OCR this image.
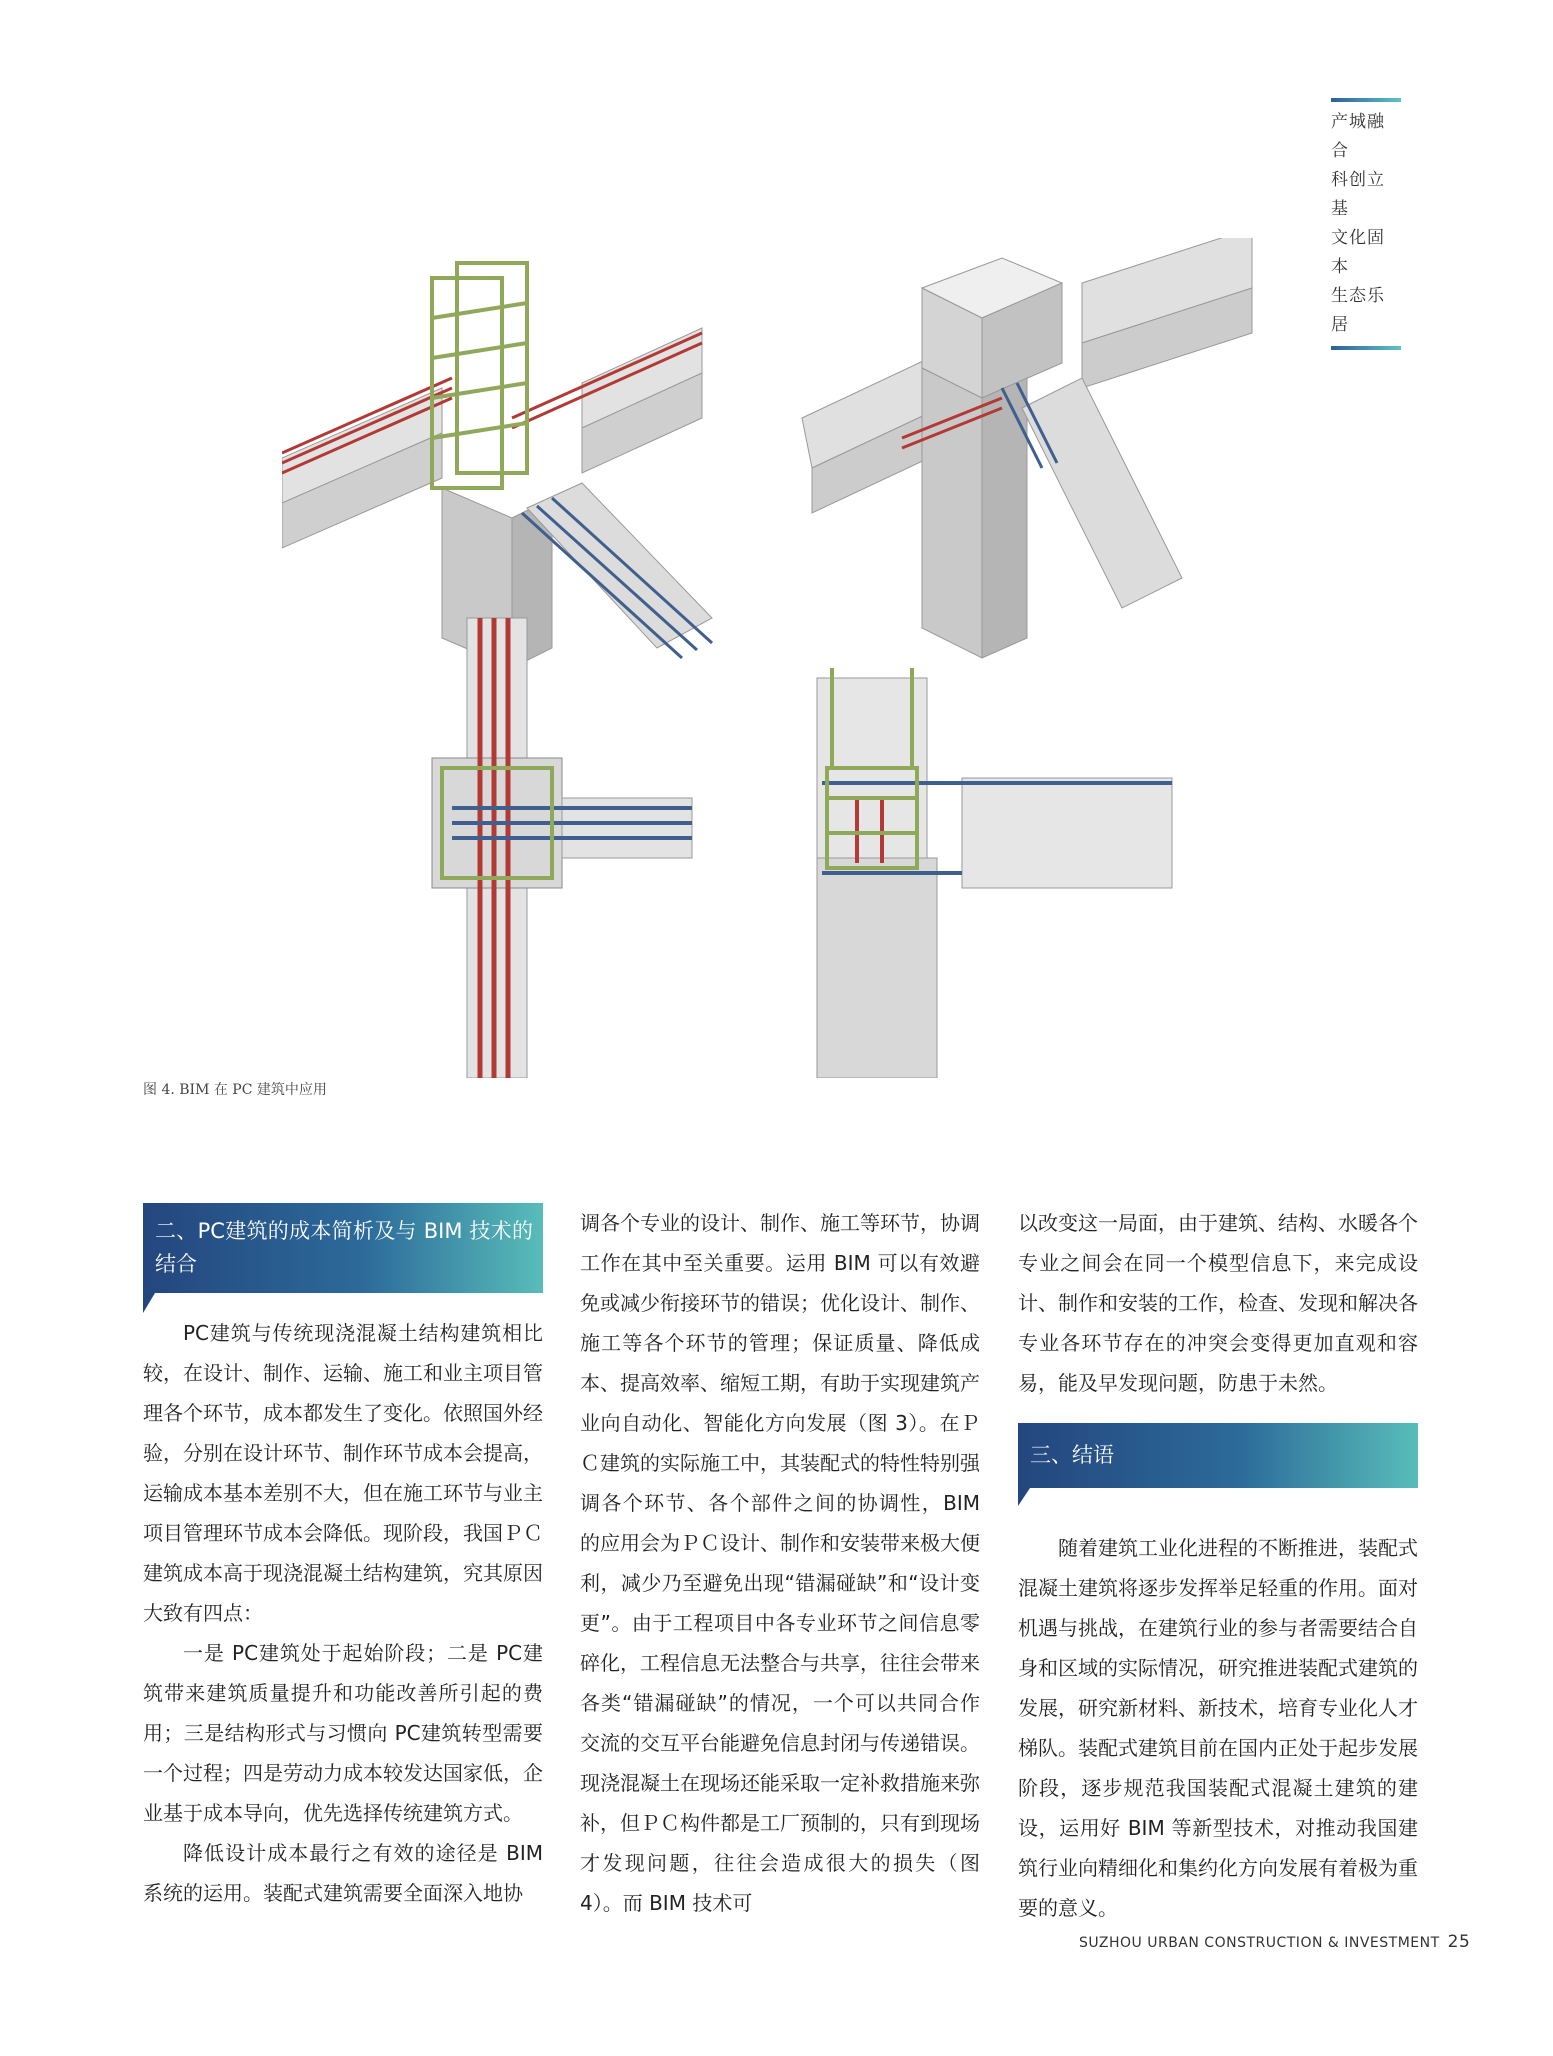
产城融合
科创立基
文化固本
生态乐居
图 4. BIM 在 PC 建筑中应用
二、PC建筑的成本简析及与 BIM 技术的结合

PC建筑与传统现浇混凝土结构建筑相比较，在设计、制作、运输、施工和业主项目管理各个环节，成本都发生了变化。依照国外经验，分别在设计环节、制作环节成本会提高，运输成本基本差别不大，但在施工环节与业主项目管理环节成本会降低。现阶段，我国ＰＣ建筑成本高于现浇混凝土结构建筑，究其原因大致有四点：

一是 PC建筑处于起始阶段；二是 PC建筑带来建筑质量提升和功能改善所引起的费用；三是结构形式与习惯向 PC建筑转型需要一个过程；四是劳动力成本较发达国家低，企业基于成本导向，优先选择传统建筑方式。

降低设计成本最行之有效的途径是 BIM 系统的运用。装配式建筑需要全面深入地协

调各个专业的设计、制作、施工等环节，协调工作在其中至关重要。运用 BIM 可以有效避免或减少衔接环节的错误；优化设计、制作、施工等各个环节的管理；保证质量、降低成本、提高效率、缩短工期，有助于实现建筑产业向自动化、智能化方向发展（图 3）。在ＰＣ建筑的实际施工中，其装配式的特性特别强调各个环节、各个部件之间的协调性，BIM 的应用会为ＰＣ设计、制作和安装带来极大便利，减少乃至避免出现“错漏碰缺”和“设计变更”。由于工程项目中各专业环节之间信息零碎化，工程信息无法整合与共享，往往会带来各类“错漏碰缺”的情况，一个可以共同合作交流的交互平台能避免信息封闭与传递错误。现浇混凝土在现场还能采取一定补救措施来弥补，但ＰＣ构件都是工厂预制的，只有到现场才发现问题，往往会造成很大的损失（图 4）。而 BIM 技术可

以改变这一局面，由于建筑、结构、水暖各个专业之间会在同一个模型信息下，来完成设计、制作和安装的工作，检查、发现和解决各专业各环节存在的冲突会变得更加直观和容易，能及早发现问题，防患于未然。

三、结语

随着建筑工业化进程的不断推进，装配式混凝土建筑将逐步发挥举足轻重的作用。面对机遇与挑战，在建筑行业的参与者需要结合自身和区域的实际情况，研究推进装配式建筑的发展，研究新材料、新技术，培育专业化人才梯队。装配式建筑目前在国内正处于起步发展阶段，逐步规范我国装配式混凝土建筑的建设，运用好 BIM 等新型技术，对推动我国建筑行业向精细化和集约化方向发展有着极为重要的意义。

SUZHOU URBAN CONSTRUCTION & INVESTMENT 25
